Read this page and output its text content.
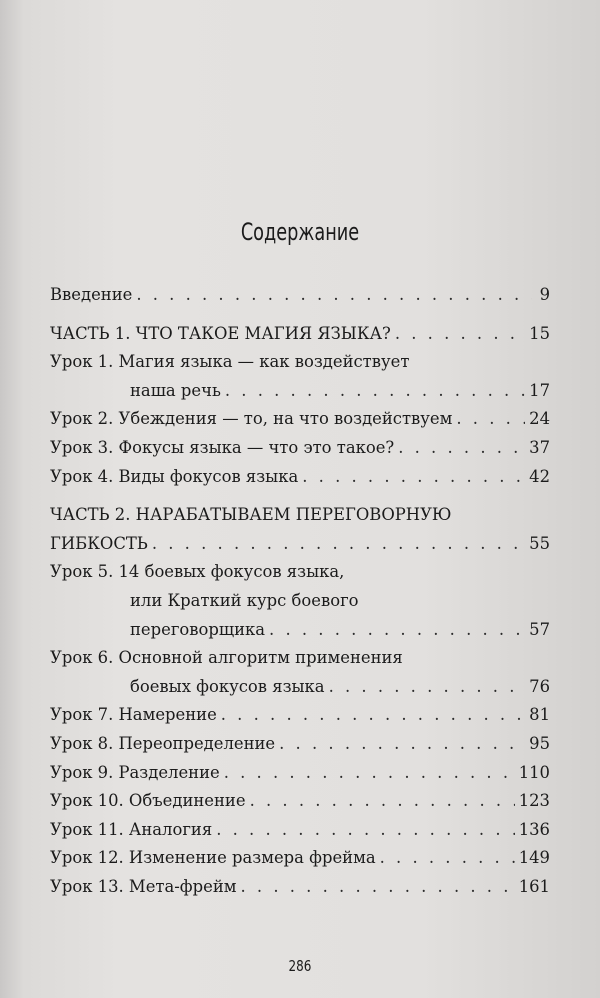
Содержание
Введение . . .	9
ЧАСТЬ 1. ЧТО ТАКОЕ МАГИЯ ЯЗЫКА? . . .	15
Урок 1. Магия языка — как воздействует
наша речь . . .	17
Урок 2. Убеждения — то, на что воздействуем . . .	24
Урок 3. Фокусы языка — что это такое? . . .	37
Урок 4. Виды фокусов языка . . .	42
ЧАСТЬ 2. НАРАБАТЫВАЕМ ПЕРЕГОВОРНУЮ
ГИБКОСТЬ . . .	55
Урок 5. 14 боевых фокусов языка,
или Краткий курс боевого
переговорщика . . .	57
Урок 6. Основной алгоритм применения
боевых фокусов языка . . .	76
Урок 7. Намерение . . .	81
Урок 8. Переопределение . . .	95
Урок 9. Разделение . . .	110
Урок 10. Объединение . . .	123
Урок 11. Аналогия . . .	136
Урок 12. Изменение размера фрейма . . .	149
Урок 13. Мета-фрейм . . .	161
286
